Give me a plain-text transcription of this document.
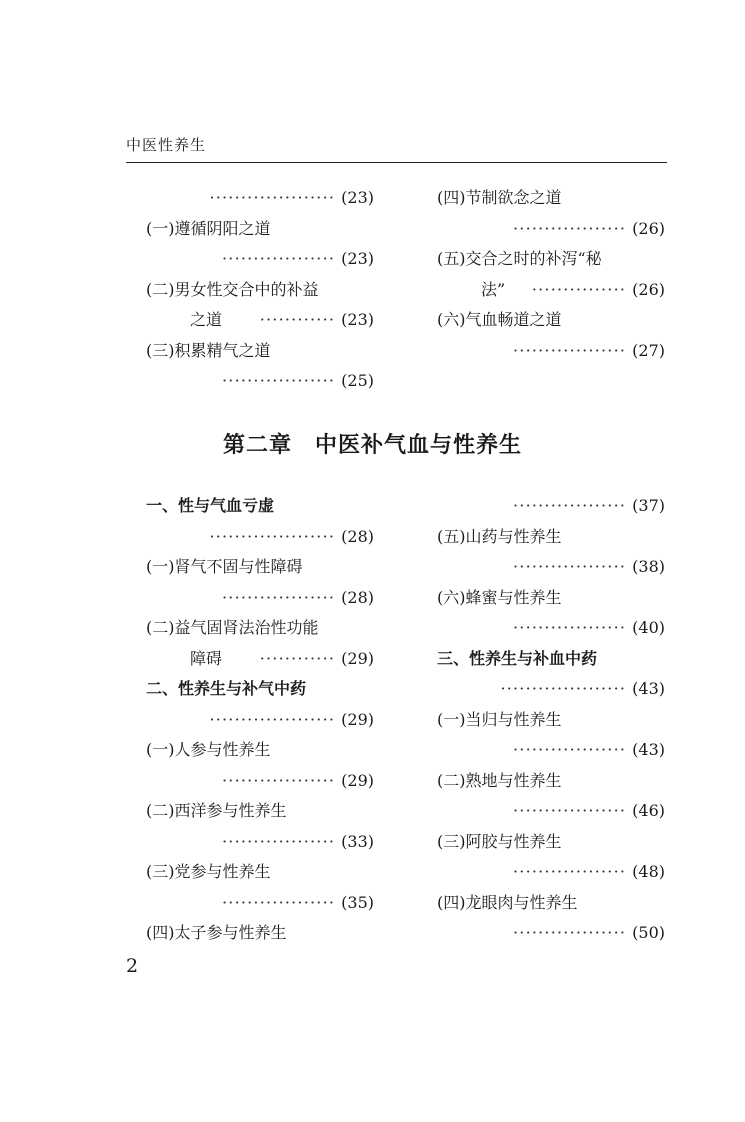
中医性养生
第二章　中医补气血与性养生
2
···················· (23)
(一)遵循阴阳之道
·················· (23)
(二)男女性交合中的补益
之道 ············ (23)
(三)积累精气之道
·················· (25)
(四)节制欲念之道
·················· (26)
(五)交合之时的补泻“秘
法” ··············· (26)
(六)气血畅道之道
·················· (27)
一、性与气血亏虚
···················· (28)
(一)肾气不固与性障碍
·················· (28)
(二)益气固肾法治性功能
障碍 ············ (29)
二、性养生与补气中药
···················· (29)
(一)人参与性养生
·················· (29)
(二)西洋参与性养生
·················· (33)
(三)党参与性养生
·················· (35)
(四)太子参与性养生
·················· (37)
(五)山药与性养生
·················· (38)
(六)蜂蜜与性养生
·················· (40)
三、性养生与补血中药
···················· (43)
(一)当归与性养生
·················· (43)
(二)熟地与性养生
·················· (46)
(三)阿胶与性养生
·················· (48)
(四)龙眼肉与性养生
·················· (50)
